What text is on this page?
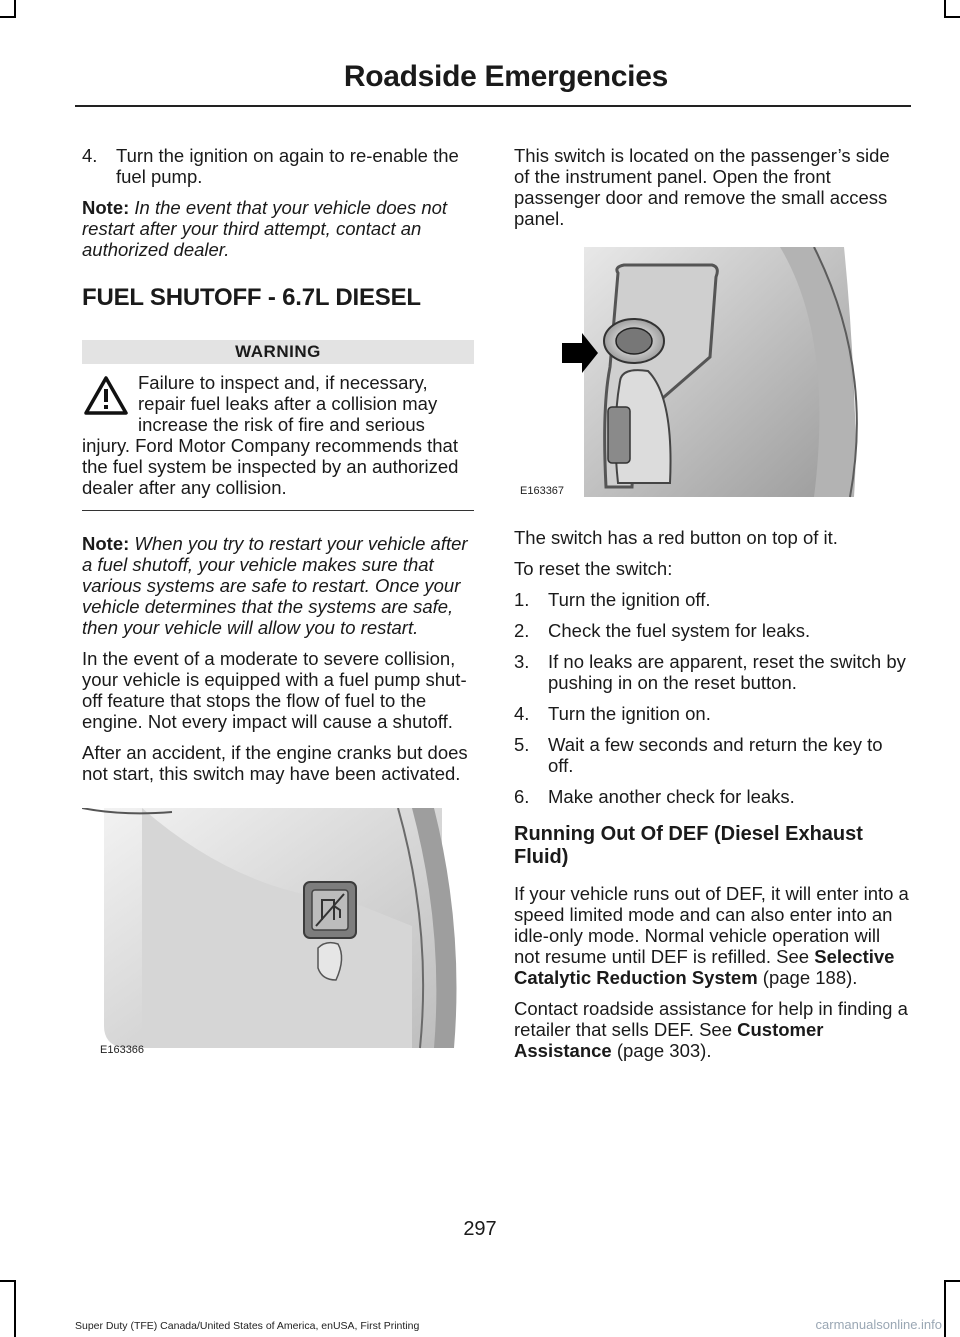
Roadside Emergencies
4.	Turn the ignition on again to re-enable the fuel pump.

Note: In the event that your vehicle does not restart after your third attempt, contact an authorized dealer.

FUEL SHUTOFF - 6.7L DIESEL
WARNING
Failure to inspect and, if necessary, repair fuel leaks after a collision may increase the risk of fire and serious
injury. Ford Motor Company recommends that the fuel system be inspected by an authorized dealer after any collision.

Note: When you try to restart your vehicle after a fuel shutoff, your vehicle makes sure that various systems are safe to restart. Once your vehicle determines that the systems are safe, then your vehicle will allow you to restart.

In the event of a moderate to severe collision, your vehicle is equipped with a fuel pump shut-off feature that stops the flow of fuel to the engine. Not every impact will cause a shutoff.

After an accident, if the engine cranks but does not start, this switch may have been activated.

E163366

This switch is located on the passenger’s side of the instrument panel. Open the front passenger door and remove the small access panel.

E163367

The switch has a red button on top of it.

To reset the switch:

1.	Turn the ignition off.
2.	Check the fuel system for leaks.
3.	If no leaks are apparent, reset the switch by pushing in on the reset button.
4.	Turn the ignition on.
5.	Wait a few seconds and return the key to off.
6.	Make another check for leaks.
Running Out Of DEF (Diesel Exhaust Fluid)

If your vehicle runs out of DEF, it will enter into a speed limited mode and can also enter into an idle-only mode. Normal vehicle operation will not resume until DEF is refilled. See Selective Catalytic Reduction System (page 188).

Contact roadside assistance for help in finding a retailer that sells DEF. See Customer Assistance (page 303).

297
Super Duty (TFE) Canada/United States of America, enUSA, First Printing	carmanualsonline.info
